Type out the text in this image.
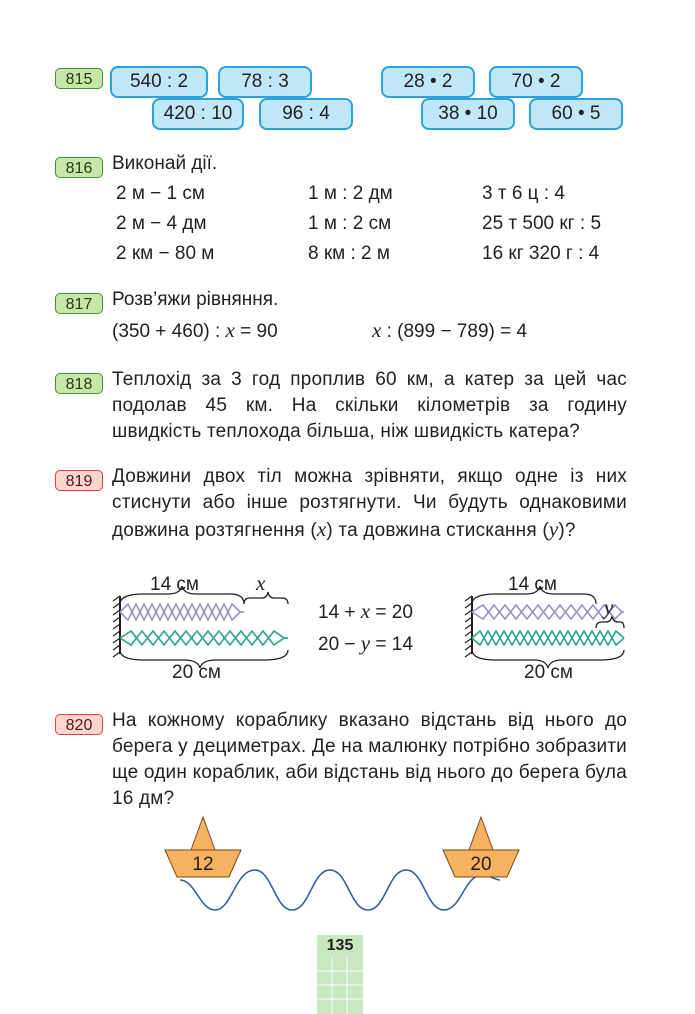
815	540 : 2	78 : 3
420 : 10	96 : 4
28 • 2	70 • 2
38 • 10	60 • 5
816	Виконай дії.
2 м − 1 см	1 м : 2 дм	3 т 6 ц : 4
2 м − 4 дм	1 м : 2 см	25 т 500 кг : 5
2 км − 80 м	8 км : 2 м	16 кг 320 г : 4
817	Розв’яжи рівняння.
(350 + 460) : x = 90	x : (899 − 789) = 4
818	Теплохід за 3 год проплив 60 км, а катер за цей час подолав 45 км. На скільки кілометрів за годину швидкість теплохода більша, ніж швидкість катера?
819	Довжини двох тіл можна зрівняти, якщо одне із них стиснути або інше розтягнути. Чи будуть однаковими довжина розтягнення (x) та довжина стискання (y)?
14 см	x
20 см
14 + x = 20
20 − y = 14
14 см
y
20 см
820	На кожному кораблику вказано відстань від нього до берега у дециметрах. Де на малюнку потрібно зобразити ще один кораблик, аби відстань від нього до берега була 16 дм?
12	20
135
